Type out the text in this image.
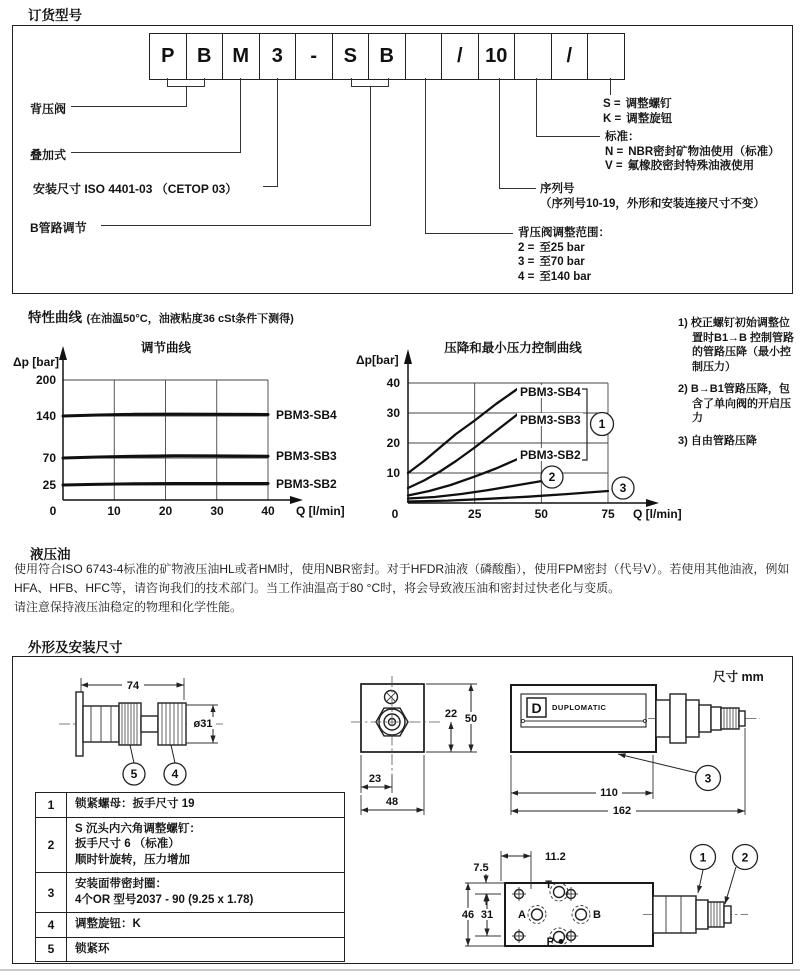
订货型号
P	B	M	3	-	S	B	/	10	/
背压阀
叠加式
安装尺寸 ISO 4401-03 （CETOP 03）
B管路调节
S = 调整螺钉
K = 调整旋钮
标准：
N = NBR密封矿物油使用（标准）
V = 氟橡胶密封特殊油液使用
序列号
（序列号10-19，外形和安装连接尺寸不变）
背压阀调整范围：
2 = 至25 bar
3 = 至70 bar
4 = 至140 bar
特性曲线 (在油温50°C，油液粘度36 cSt条件下测得)
调节曲线
Δp [bar]
200
140
70
25
0	10	20	30	40 Q [l/min]
PBM3-SB4
PBM3-SB3
PBM3-SB2
压降和最小压力控制曲线
Δp[bar]
40
30
20
10
0	25	50	75 Q [l/min]
PBM3-SB4
PBM3-SB3
PBM3-SB2
1
2
3

1) 校正螺钉初始调整位置时B1→B 控制管路的管路压降（最小控制压力）

2) B→B1管路压降，包含了单向阀的开启压力

3) 自由管路压降

液压油

使用符合ISO 6743-4标准的矿物液压油HL或者HM时，使用NBR密封。对于HFDR油液（磷酸酯），使用FPM密封（代号V）。若使用其他油液，例如HFA、HFB、HFC等，请咨询我们的技术部门。当工作油温高于80 °C时，将会导致液压油和密封过快老化与变质。

请注意保持液压油稳定的物理和化学性能。

外形及安装尺寸
尺寸 mm
74
ø31
5	4
22 50
23
48
D DUPLOMATIC
3
110
162
T
A	B
P
11.2
7.5
46 31
1	2
1	锁紧螺母：扳手尺寸 19
2
S 沉头内六角调整螺钉：
扳手尺寸 6 （标准）
顺时针旋转，压力增加
3
安装面带密封圈：
4个OR 型号2037 - 90 (9.25 x 1.78)
4	调整旋钮：K
5	锁紧环
